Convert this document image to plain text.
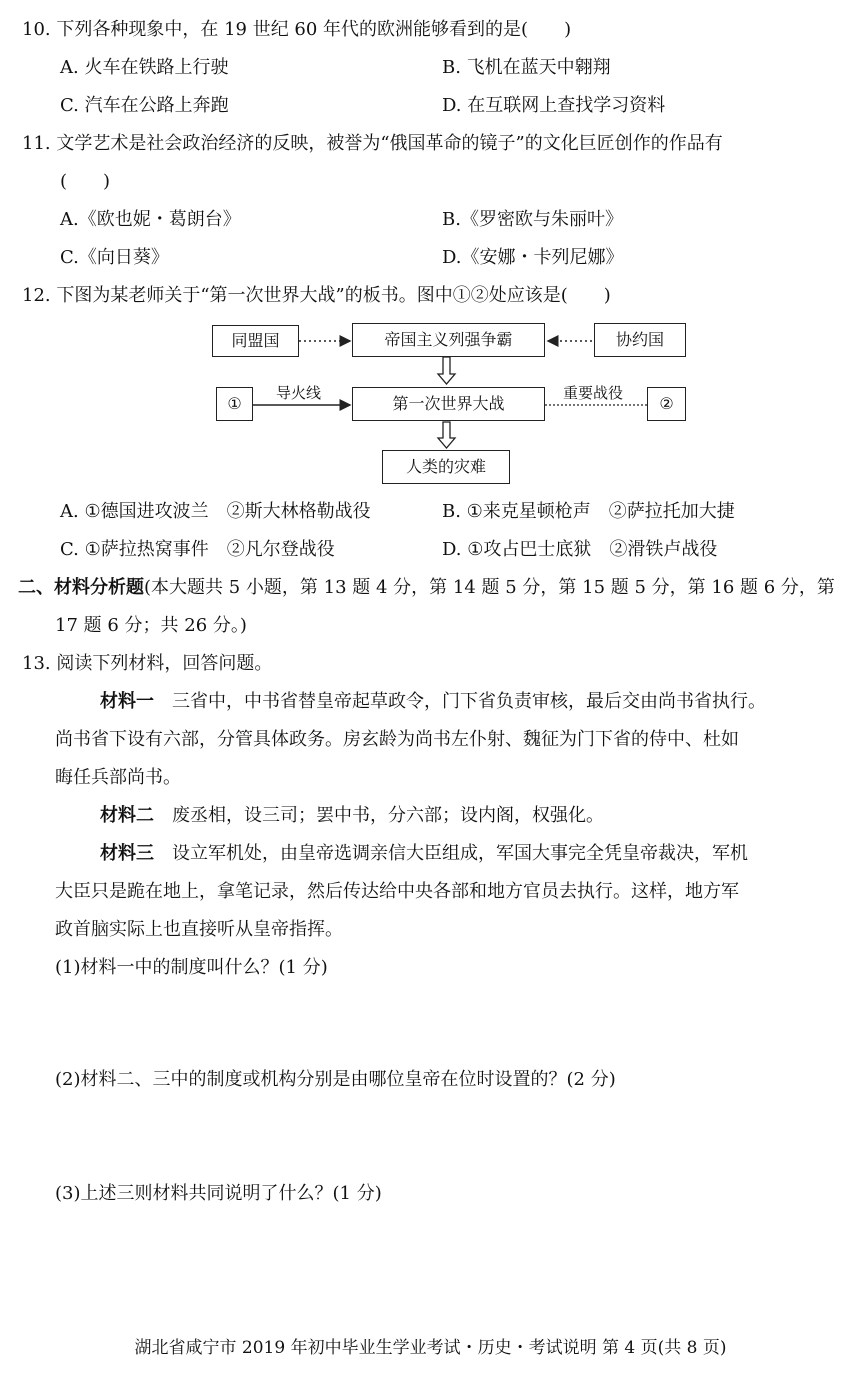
10. 下列各种现象中，在 19 世纪 60 年代的欧洲能够看到的是(　　)
A. 火车在铁路上行驶	B. 飞机在蓝天中翱翔
C. 汽车在公路上奔跑	D. 在互联网上查找学习资料
11. 文学艺术是社会政治经济的反映，被誉为“俄国革命的镜子”的文化巨匠创作的作品有
(　　)
A.《欧也妮・葛朗台》	B.《罗密欧与朱丽叶》
C.《向日葵》	D.《安娜・卡列尼娜》
12. 下图为某老师关于“第一次世界大战”的板书。图中①②处应该是(　　)
同盟国	帝国主义列强争霸	协约国
①
导火线
第一次世界大战
重要战役
②
人类的灾难
A. ①德国进攻波兰　②斯大林格勒战役	B. ①来克星顿枪声　②萨拉托加大捷
C. ①萨拉热窝事件　②凡尔登战役	D. ①攻占巴士底狱　②滑铁卢战役
二、材料分析题(本大题共 5 小题，第 13 题 4 分，第 14 题 5 分，第 15 题 5 分，第 16 题 6 分，第
17 题 6 分；共 26 分。)
13. 阅读下列材料，回答问题。
材料一　三省中，中书省替皇帝起草政令，门下省负责审核，最后交由尚书省执行。
尚书省下设有六部，分管具体政务。房玄龄为尚书左仆射、魏征为门下省的侍中、杜如
晦任兵部尚书。
材料二　废丞相，设三司；罢中书，分六部；设内阁，权强化。
材料三　设立军机处，由皇帝选调亲信大臣组成，军国大事完全凭皇帝裁决，军机
大臣只是跪在地上，拿笔记录，然后传达给中央各部和地方官员去执行。这样，地方军
政首脑实际上也直接听从皇帝指挥。
(1)材料一中的制度叫什么？(1 分)
(2)材料二、三中的制度或机构分别是由哪位皇帝在位时设置的？(2 分)
(3)上述三则材料共同说明了什么？(1 分)
湖北省咸宁市 2019 年初中毕业生学业考试・历史・考试说明 第 4 页(共 8 页)
